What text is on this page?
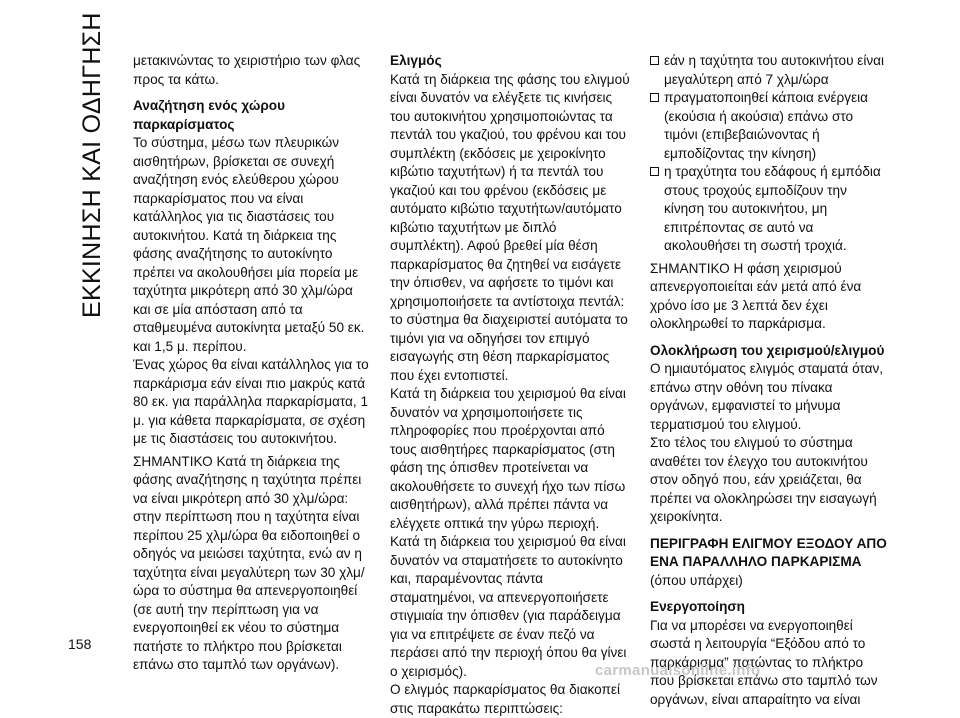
ΕΚΚΙΝΗΣΗ ΚΑΙ ΟΔΗΓΗΣΗ	μετακινώντας το χειριστήριο των φλας προς τα κάτω.

Αναζήτηση ενός χώρου παρκαρίσματος

Το σύστημα, μέσω των πλευρικών αισθητήρων, βρίσκεται σε συνεχή αναζήτηση ενός ελεύθερου χώρου παρκαρίσματος που να είναι κατάλληλος για τις διαστάσεις του αυτοκινήτου. Κατά τη διάρκεια της φάσης αναζήτησης το αυτοκίνητο πρέπει να ακολουθήσει μία πορεία με ταχύτητα μικρότερη από 30 χλμ/ώρα και σε μία απόσταση από τα σταθμευμένα αυτοκίνητα μεταξύ 50 εκ. και 1,5 μ. περίπου.

Ένας χώρος θα είναι κατάλληλος για το παρκάρισμα εάν είναι πιο μακρύς κατά 80 εκ. για παράλληλα παρκαρίσματα, 1 μ. για κάθετα παρκαρίσματα, σε σχέση με τις διαστάσεις του αυτοκινήτου.

ΣΗΜΑΝΤΙΚΟ Κατά τη διάρκεια της φάσης αναζήτησης η ταχύτητα πρέπει να είναι μικρότερη από 30 χλμ/ώρα: στην περίπτωση που η ταχύτητα είναι περίπου 25 χλμ/ώρα θα ειδοποιηθεί ο οδηγός να μειώσει ταχύτητα, ενώ αν η ταχύτητα είναι μεγαλύτερη των 30 χλμ/ώρα το σύστημα θα απενεργοποιηθεί (σε αυτή την περίπτωση για να ενεργοποιηθεί εκ νέου το σύστημα πατήστε το πλήκτρο που βρίσκεται επάνω στο ταμπλό των οργάνων).

Ελιγμός

Κατά τη διάρκεια της φάσης του ελιγμού είναι δυνατόν να ελέγξετε τις κινήσεις του αυτοκινήτου χρησιμοποιώντας τα πεντάλ του γκαζιού, του φρένου και του συμπλέκτη (εκδόσεις με χειροκίνητο κιβώτιο ταχυτήτων) ή τα πεντάλ του γκαζιού και του φρένου (εκδόσεις με αυτόματο κιβώτιο ταχυτήτων/αυτόματο κιβώτιο ταχυτήτων με διπλό συμπλέκτη). Αφού βρεθεί μία θέση παρκαρίσματος θα ζητηθεί να εισάγετε την όπισθεν, να αφήσετε το τιμόνι και χρησιμοποιήσετε τα αντίστοιχα πεντάλ: το σύστημα θα διαχειριστεί αυτόματα το τιμόνι για να οδηγήσει τον επιμγό εισαγωγής στη θέση παρκαρίσματος που έχει εντοπιστεί.

Κατά τη διάρκεια του χειρισμού θα είναι δυνατόν να χρησιμοποιήσετε τις πληροφορίες που προέρχονται από τους αισθητήρες παρκαρίσματος (στη φάση της όπισθεν προτείνεται να ακολουθήσετε το συνεχή ήχο των πίσω αισθητήρων), αλλά πρέπει πάντα να ελέγχετε οπτικά την γύρω περιοχή.

Κατά τη διάρκεια του χειρισμού θα είναι δυνατόν να σταματήσετε το αυτοκίνητο και, παραμένοντας πάντα σταματημένοι, να απενεργοποιήσετε στιγμιαία την όπισθεν (για παράδειγμα για να επιτρέψετε σε έναν πεζό να περάσει από την περιοχή όπου θα γίνει ο χειρισμός).

Ο ελιγμός παρκαρίσματος θα διακοπεί στις παρακάτω περιπτώσεις:

εάν η ταχύτητα του αυτοκινήτου είναι μεγαλύτερη από 7 χλμ/ώρα
πραγματοποιηθεί κάποια ενέργεια (εκούσια ή ακούσια) επάνω στο τιμόνι (επιβεβαιώνοντας ή εμποδίζοντας την κίνηση)
η τραχύτητα του εδάφους ή εμπόδια στους τροχούς εμποδίζουν την κίνηση του αυτοκινήτου, μη επιτρέποντας σε αυτό να ακολουθήσει τη σωστή τροχιά.

ΣΗΜΑΝΤΙΚΟ Η φάση χειρισμού απενεργοποιείται εάν μετά από ένα χρόνο ίσο με 3 λεπτά δεν έχει ολοκληρωθεί το παρκάρισμα.

Ολοκλήρωση του χειρισμού/ελιγμού

Ο ημιαυτόματος ελιγμός σταματά όταν, επάνω στην οθόνη του πίνακα οργάνων, εμφανιστεί το μήνυμα τερματισμού του ελιγμού.

Στο τέλος του ελιγμού το σύστημα αναθέτει τον έλεγχο του αυτοκινήτου στον οδηγό που, εάν χρειάζεται, θα πρέπει να ολοκληρώσει την εισαγωγή χειροκίνητα.

ΠΕΡΙΓΡΑΦΗ ΕΛΙΓΜΟΥ ΕΞΟΔΟΥ ΑΠΟ ΕΝΑ ΠΑΡΑΛΛΗΛΟ ΠΑΡΚΑΡΙΣΜΑ

(όπου υπάρχει)

Ενεργοποίηση

Για να μπορέσει να ενεργοποιηθεί σωστά η λειτουργία “Εξόδου από το παρκάρισμα” πατώντας το πλήκτρο που βρίσκεται επάνω στο ταμπλό των οργάνων, είναι απαραίτητο να είναι

158
carmanualsonline.info
